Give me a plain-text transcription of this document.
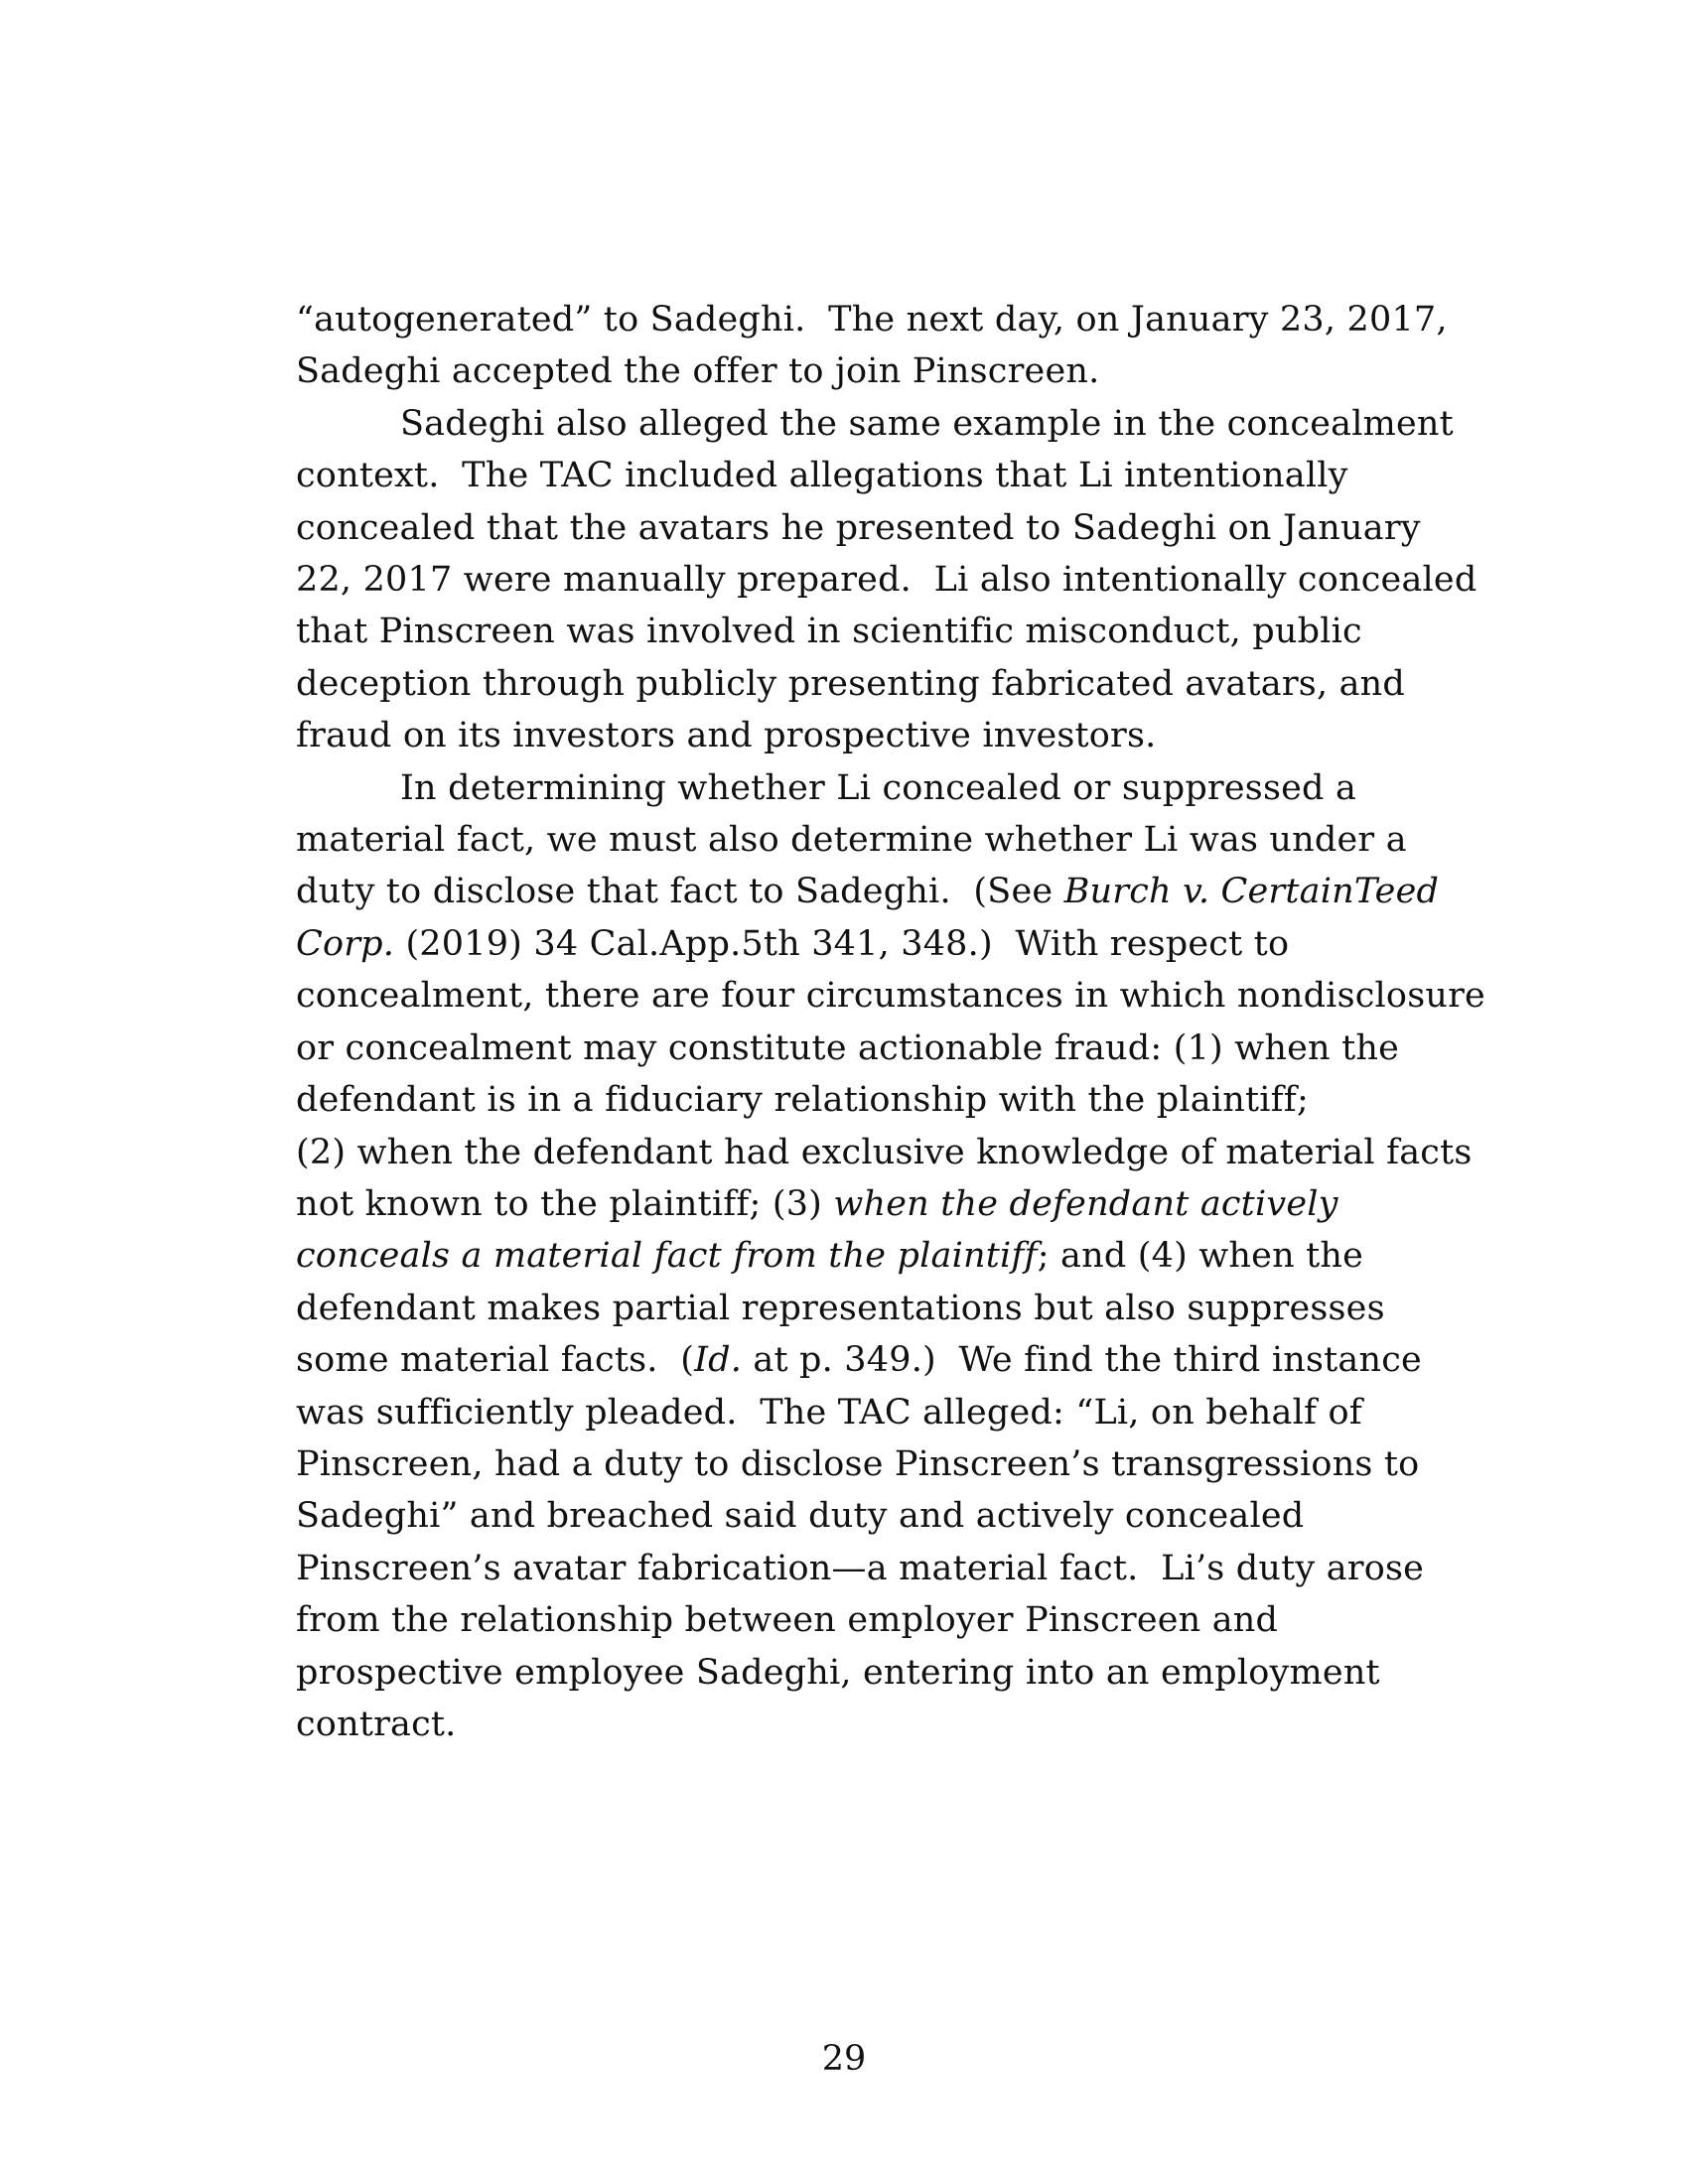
“autogenerated” to Sadeghi.  The next day, on January 23, 2017,
Sadeghi accepted the offer to join Pinscreen.
Sadeghi also alleged the same example in the concealment
context.  The TAC included allegations that Li intentionally
concealed that the avatars he presented to Sadeghi on January
22, 2017 were manually prepared.  Li also intentionally concealed
that Pinscreen was involved in scientific misconduct, public
deception through publicly presenting fabricated avatars, and
fraud on its investors and prospective investors.
In determining whether Li concealed or suppressed a
material fact, we must also determine whether Li was under a
duty to disclose that fact to Sadeghi.  (See Burch v. CertainTeed
Corp. (2019) 34 Cal.App.5th 341, 348.)  With respect to
concealment, there are four circumstances in which nondisclosure
or concealment may constitute actionable fraud: (1) when the
defendant is in a fiduciary relationship with the plaintiff;
(2) when the defendant had exclusive knowledge of material facts
not known to the plaintiff; (3) when the defendant actively
conceals a material fact from the plaintiff; and (4) when the
defendant makes partial representations but also suppresses
some material facts.  (Id. at p. 349.)  We find the third instance
was sufficiently pleaded.  The TAC alleged: “Li, on behalf of
Pinscreen, had a duty to disclose Pinscreen’s transgressions to
Sadeghi” and breached said duty and actively concealed
Pinscreen’s avatar fabrication—a material fact.  Li’s duty arose
from the relationship between employer Pinscreen and
prospective employee Sadeghi, entering into an employment
contract.
29
